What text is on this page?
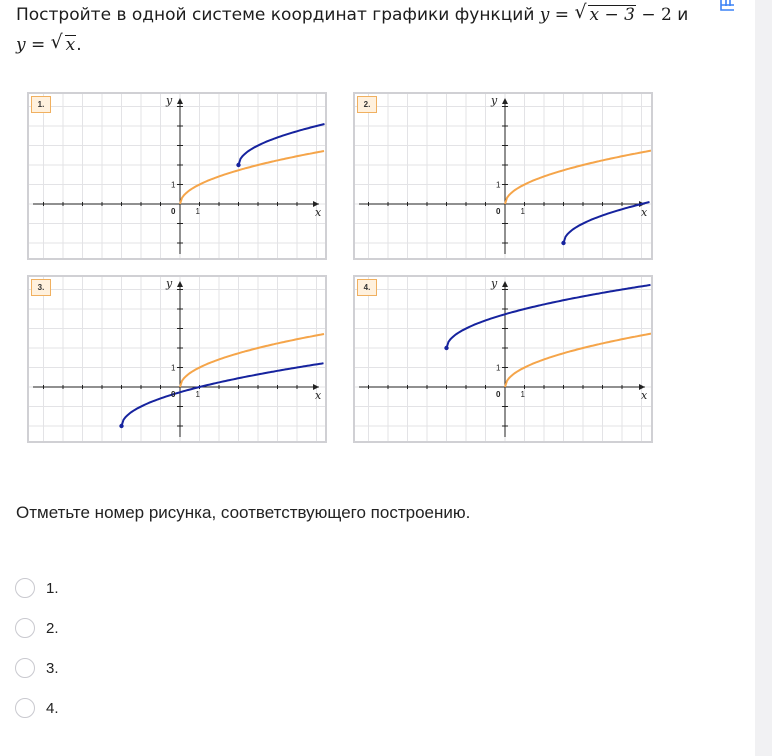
Постройте в одной системе координат графики функций y = √ x − 3 − 2 и
y = √ x.
y
x
0	1
1
1.	y
x
0	1
1
2.
y
x
0	1
1
3.	y
x
0	1
1
4.
Отметьте номер рисунка, соответствующего построению.
1.
2.
3.
4.
